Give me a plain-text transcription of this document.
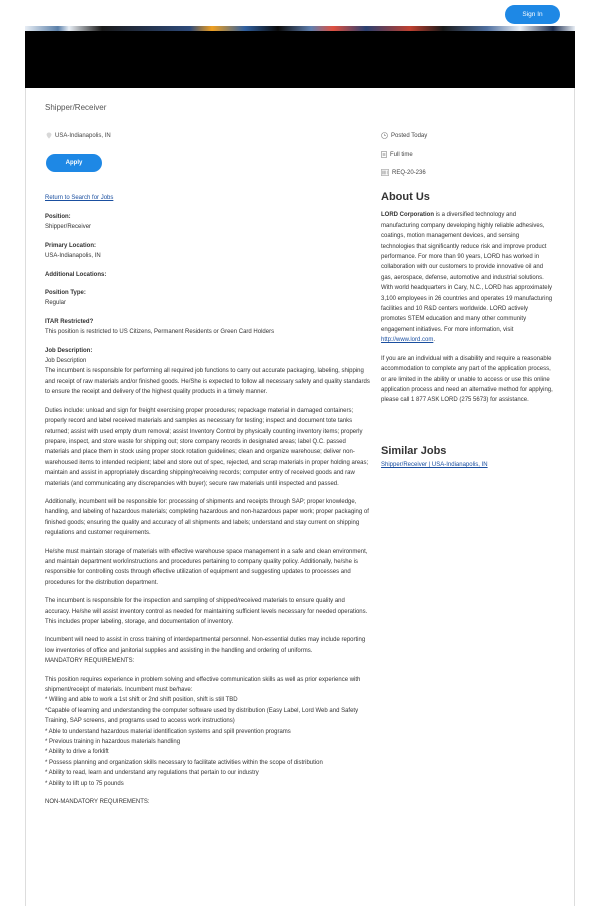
Sign In
Shipper/Receiver
USA-Indianapolis, IN	Posted Today
Full time
REQ-20-236
Apply
Return to Search for Jobs
Position:
Shipper/Receiver
Primary Location:
USA-Indianapolis, IN
Additional Locations:
Position Type:
Regular
ITAR Restricted?
This position is restricted to US Citizens, Permanent Residents or Green Card Holders
Job Description:
Job Description

The incumbent is responsible for performing all required job functions to carry out accurate packaging, labeling, shipping and receipt of raw materials and/or finished goods. He/She is expected to follow all necessary safety and quality standards to ensure the receipt and delivery of the highest quality products in a timely manner.

Duties include: unload and sign for freight exercising proper procedures; repackage material in damaged containers; properly record and label received materials and samples as necessary for testing; inspect and document tote tanks returned; assist with used empty drum removal; assist Inventory Control by physically counting inventory items; properly prepare, inspect, and store waste for shipping out; store company records in designated areas; label Q.C. passed materials and place them in stock using proper stock rotation guidelines; clean and organize warehouse; deliver non-warehoused items to intended recipient; label and store out of spec, rejected, and scrap materials in proper holding areas; maintain and assist in appropriately discarding shipping/receiving records; computer entry of received goods and raw materials (and communicating any discrepancies with buyer); secure raw materials until inspected and passed.

Additionally, incumbent will be responsible for: processing of shipments and receipts through SAP; proper knowledge, handling, and labeling of hazardous materials; completing hazardous and non-hazardous paper work; proper packaging of finished goods; ensuring the quality and accuracy of all shipments and labels; understand and stay current on shipping regulations and customer requirements.

He/she must maintain storage of materials with effective warehouse space management in a safe and clean environment, and maintain department work/instructions and procedures pertaining to company quality policy. Additionally, he/she is responsible for controlling costs through effective utilization of equipment and suggesting updates to processes and procedures for the distribution department.

The incumbent is responsible for the inspection and sampling of shipped/received materials to ensure quality and accuracy. He/she will assist inventory control as needed for maintaining sufficient levels necessary for needed operations. This includes proper labeling, storage, and documentation of inventory.

Incumbent will need to assist in cross training of interdepartmental personnel. Non-essential duties may include reporting low inventories of office and janitorial supplies and assisting in the handling and ordering of uniforms.

MANDATORY REQUIREMENTS:

This position requires experience in problem solving and effective communication skills as well as prior experience with shipment/receipt of materials. Incumbent must be/have:

* Willing and able to work a 1st shift or 2nd shift position, shift is still TBD

*Capable of learning and understanding the computer software used by distribution (Easy Label, Lord Web and Safety Training, SAP screens, and programs used to access work instructions)

* Able to understand hazardous material identification systems and spill prevention programs

* Previous training in hazardous materials handling

* Ability to drive a forklift

* Possess planning and organization skills necessary to facilitate activities within the scope of distribution

* Ability to read, learn and understand any regulations that pertain to our industry

* Ability to lift up to 75 pounds

NON-MANDATORY REQUIREMENTS:

About Us

LORD Corporation is a diversified technology and manufacturing company developing highly reliable adhesives, coatings, motion management devices, and sensing technologies that significantly reduce risk and improve product performance. For more than 90 years, LORD has worked in collaboration with our customers to provide innovative oil and gas, aerospace, defense, automotive and industrial solutions. With world headquarters in Cary, N.C., LORD has approximately 3,100 employees in 26 countries and operates 19 manufacturing facilities and 10 R&D centers worldwide. LORD actively promotes STEM education and many other community engagement initiatives. For more information, visit http://www.lord.com.

If you are an individual with a disability and require a reasonable accommodation to complete any part of the application process, or are limited in the ability or unable to access or use this online application process and need an alternative method for applying, please call 1 877 ASK LORD (275 5673) for assistance.

Similar Jobs

Shipper/Receiver | USA-Indianapolis, IN
